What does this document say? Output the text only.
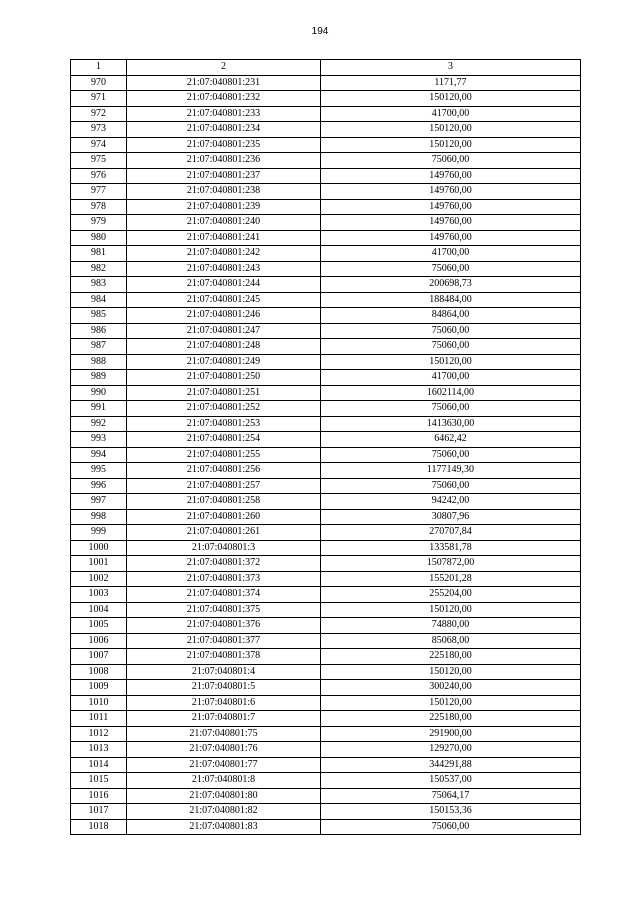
194
1	2	3
970	21:07:040801:231	1171,77
971	21:07:040801:232	150120,00
972	21:07:040801:233	41700,00
973	21:07:040801:234	150120,00
974	21:07:040801:235	150120,00
975	21:07:040801:236	75060,00
976	21:07:040801:237	149760,00
977	21:07:040801:238	149760,00
978	21:07:040801:239	149760,00
979	21:07:040801:240	149760,00
980	21:07:040801:241	149760,00
981	21:07:040801:242	41700,00
982	21:07:040801:243	75060,00
983	21:07:040801:244	200698,73
984	21:07:040801:245	188484,00
985	21:07:040801:246	84864,00
986	21:07:040801:247	75060,00
987	21:07:040801:248	75060,00
988	21:07:040801:249	150120,00
989	21:07:040801:250	41700,00
990	21:07:040801:251	1602114,00
991	21:07:040801:252	75060,00
992	21:07:040801:253	1413630,00
993	21:07:040801:254	6462,42
994	21:07:040801:255	75060,00
995	21:07:040801:256	1177149,30
996	21:07:040801:257	75060,00
997	21:07:040801:258	94242,00
998	21:07:040801:260	30807,96
999	21:07:040801:261	270707,84
1000	21:07:040801:3	133581,78
1001	21:07:040801:372	1507872,00
1002	21:07:040801:373	155201,28
1003	21:07:040801:374	255204,00
1004	21:07:040801:375	150120,00
1005	21:07:040801:376	74880,00
1006	21:07:040801:377	85068,00
1007	21:07:040801:378	225180,00
1008	21:07:040801:4	150120,00
1009	21:07:040801:5	300240,00
1010	21:07:040801:6	150120,00
1011	21:07:040801:7	225180,00
1012	21:07:040801:75	291900,00
1013	21:07:040801:76	129270,00
1014	21:07:040801:77	344291,88
1015	21:07:040801:8	150537,00
1016	21:07:040801:80	75064,17
1017	21:07:040801:82	150153,36
1018	21:07:040801:83	75060,00
